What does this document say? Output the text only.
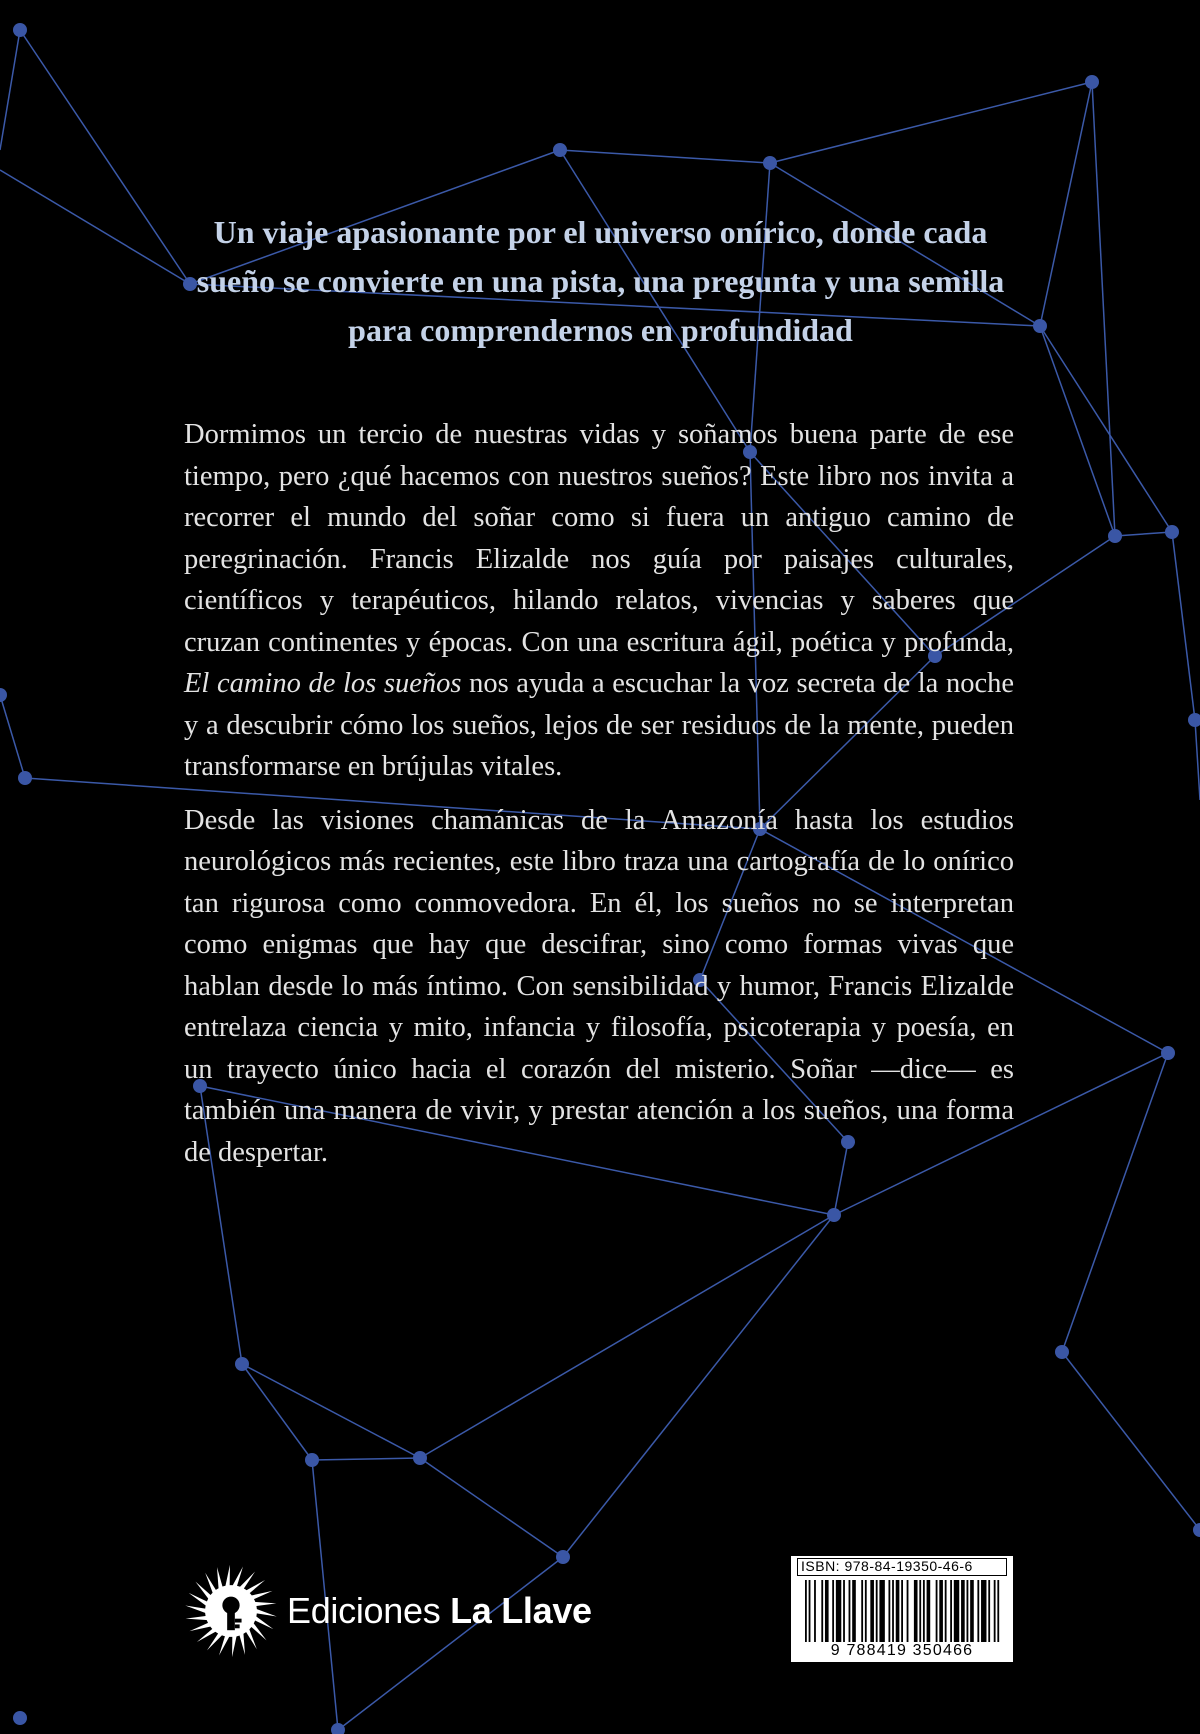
Un viaje apasionante por el universo onírico, donde cada sueño se convierte en una pista, una pregunta y una semilla para comprendernos en profundidad

Dormimos un tercio de nuestras vidas y soñamos buena parte de ese tiempo, pero ¿qué hacemos con nuestros sueños? Este libro nos invita a recorrer el mundo del soñar como si fuera un antiguo camino de peregrinación. Francis Elizalde nos guía por paisajes culturales, científicos y terapéuticos, hilando relatos, vivencias y saberes que cruzan continentes y épocas. Con una escritura ágil, poética y profunda, El camino de los sueños nos ayuda a escuchar la voz secreta de la noche y a descubrir cómo los sueños, lejos de ser residuos de la mente, pueden transformarse en brújulas vitales.

Desde las visiones chamánicas de la Amazonía hasta los estudios neurológicos más recientes, este libro traza una cartografía de lo onírico tan rigurosa como conmovedora. En él, los sueños no se interpretan como enigmas que hay que descifrar, sino como formas vivas que hablan desde lo más íntimo. Con sensibilidad y humor, Francis Elizalde entrelaza ciencia y mito, infancia y filosofía, psicoterapia y poesía, en un trayecto único hacia el corazón del misterio. Soñar —dice— es también una manera de vivir, y prestar atención a los sueños, una forma de despertar.

Ediciones La Llave
ISBN: 978-84-19350-46-6
9 788419 350466
